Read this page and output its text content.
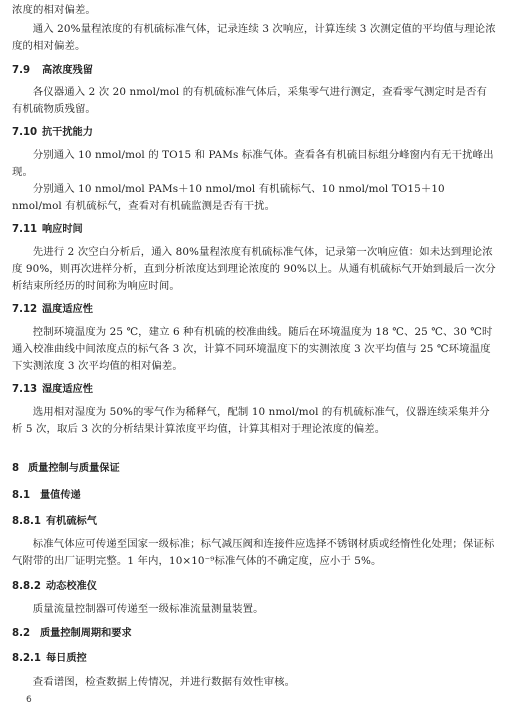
浓度的相对偏差。

通入 20%量程浓度的有机硫标准气体，记录连续 3 次响应，计算连续 3 次测定值的平均值与理论浓度的相对偏差。

7.9 高浓度残留

各仪器通入 2 次 20 nmol/mol 的有机硫标准气体后，采集零气进行测定，查看零气测定时是否有有机硫物质残留。

7.10 抗干扰能力

分别通入 10 nmol/mol 的 TO15 和 PAMs 标准气体。查看各有机硫目标组分峰窗内有无干扰峰出现。

分别通入 10 nmol/mol PAMs＋10 nmol/mol 有机硫标气、10 nmol/mol TO15＋10 nmol/mol 有机硫标气，查看对有机硫监测是否有干扰。

7.11 响应时间

先进行 2 次空白分析后，通入 80%量程浓度有机硫标准气体，记录第一次响应值：如未达到理论浓度 90%，则再次进样分析，直到分析浓度达到理论浓度的 90%以上。从通有机硫标气开始到最后一次分析结束所经历的时间称为响应时间。

7.12 温度适应性

控制环境温度为 25 ℃，建立 6 种有机硫的校准曲线。随后在环境温度为 18 ℃、25 ℃、30 ℃时通入校准曲线中间浓度点的标气各 3 次，计算不同环境温度下的实测浓度 3 次平均值与 25 ℃环境温度下实测浓度 3 次平均值的相对偏差。

7.13 湿度适应性

选用相对湿度为 50%的零气作为稀释气，配制 10 nmol/mol 的有机硫标准气，仪器连续采集并分析 5 次，取后 3 次的分析结果计算浓度平均值，计算其相对于理论浓度的偏差。

8 质量控制与质量保证
8.1 量值传递
8.8.1 有机硫标气

标准气体应可传递至国家一级标准；标气减压阀和连接件应选择不锈钢材质或经惰性化处理；保证标气附带的出厂证明完整。1 年内，10×10⁻⁹标准气体的不确定度，应小于 5%。

8.8.2 动态校准仪

质量流量控制器可传递至一级标准流量测量装置。

8.2 质量控制周期和要求
8.2.1 每日质控

查看谱图，检查数据上传情况，并进行数据有效性审核。

6
